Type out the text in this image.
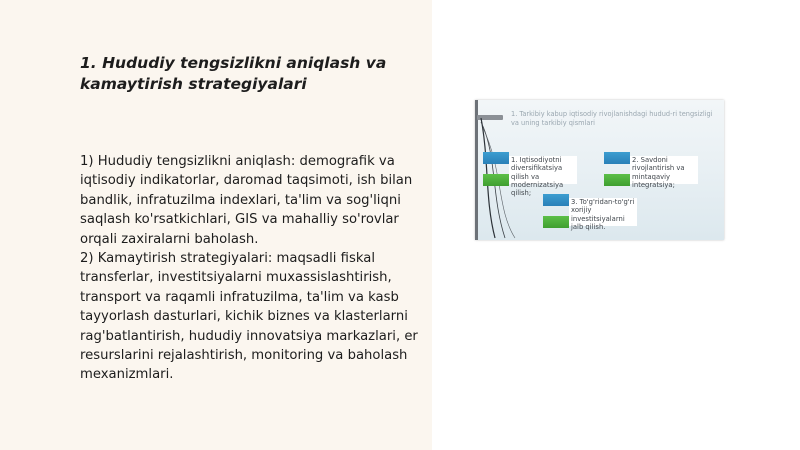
1. Hududiy tengsizlikni aniqlash va kamaytirish strategiyalari

1) Hududiy tengsizlikni aniqlash: demografik va iqtisodiy indikatorlar, daromad taqsimoti, ish bilan bandlik, infratuzilma indexlari, ta'lim va sog'liqni saqlash ko'rsatkichlari, GIS va mahalliy so'rovlar orqali zaxiralarni baholash.

2) Kamaytirish strategiyalari: maqsadli fiskal transferlar, investitsiyalarni muxassislashtirish, transport va raqamli infratuzilma, ta'lim va kasb tayyorlash dasturlari, kichik biznes va klasterlarni rag'batlantirish, hududiy innovatsiya markazlari, er resurslarini rejalashtirish, monitoring va baholash mexanizmlari.

1. Tarkibiy kabup iqtisodiy rivojlanishdagi hudud-ri tengsizligi va uning tarkibiy qismlari
1. Iqtisodiyotni diversifikatsiya qilish va modernizatsiya qilish;
2. Savdoni rivojlantirish va mintaqaviy integratsiya;
3. To'g'ridan-to'g'ri xorijiy investitsiyalarni jalb qilish.
